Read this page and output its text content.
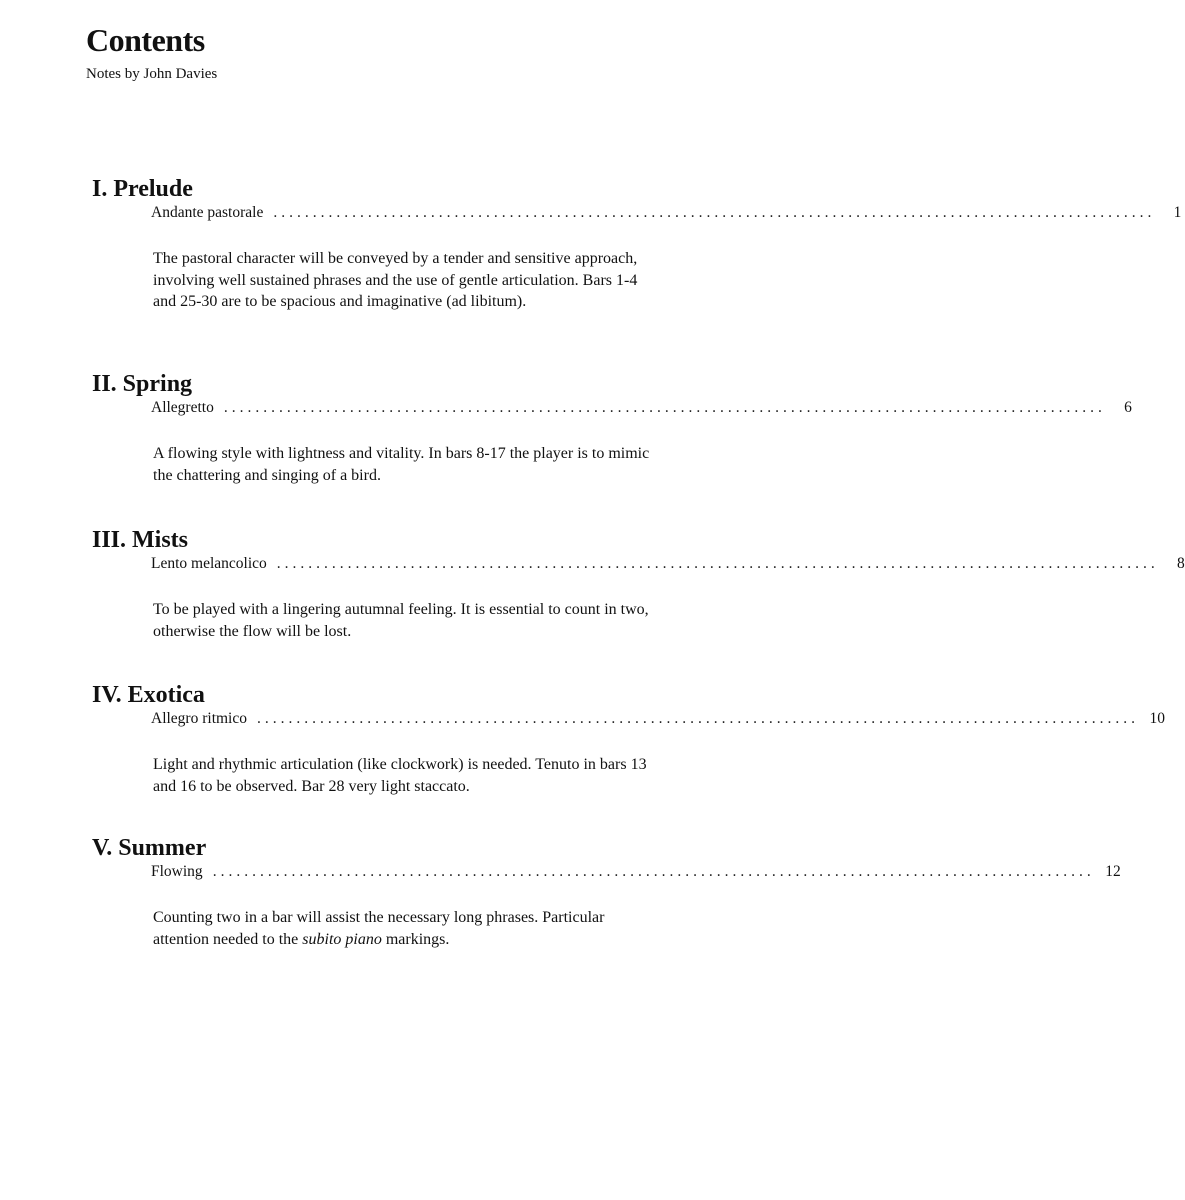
Contents
Notes by John Davies
I. Prelude
Andante pastorale ................................................................................................................	1
The pastoral character will be conveyed by a tender and sensitive approach, involving well sustained phrases and the use of gentle articulation. Bars 1-4 and 25-30 are to be spacious and imaginative (ad libitum).
II. Spring
Allegretto ................................................................................................................	6
A flowing style with lightness and vitality. In bars 8-17 the player is to mimic the chattering and singing of a bird.
III. Mists
Lento melancolico ................................................................................................................	8
To be played with a lingering autumnal feeling. It is essential to count in two, otherwise the flow will be lost.
IV. Exotica
Allegro ritmico ................................................................................................................ 10
Light and rhythmic articulation (like clockwork) is needed. Tenuto in bars 13 and 16 to be observed. Bar 28 very light staccato.
V. Summer
Flowing ................................................................................................................ 12
Counting two in a bar will assist the necessary long phrases. Particular attention needed to the subito piano markings.
